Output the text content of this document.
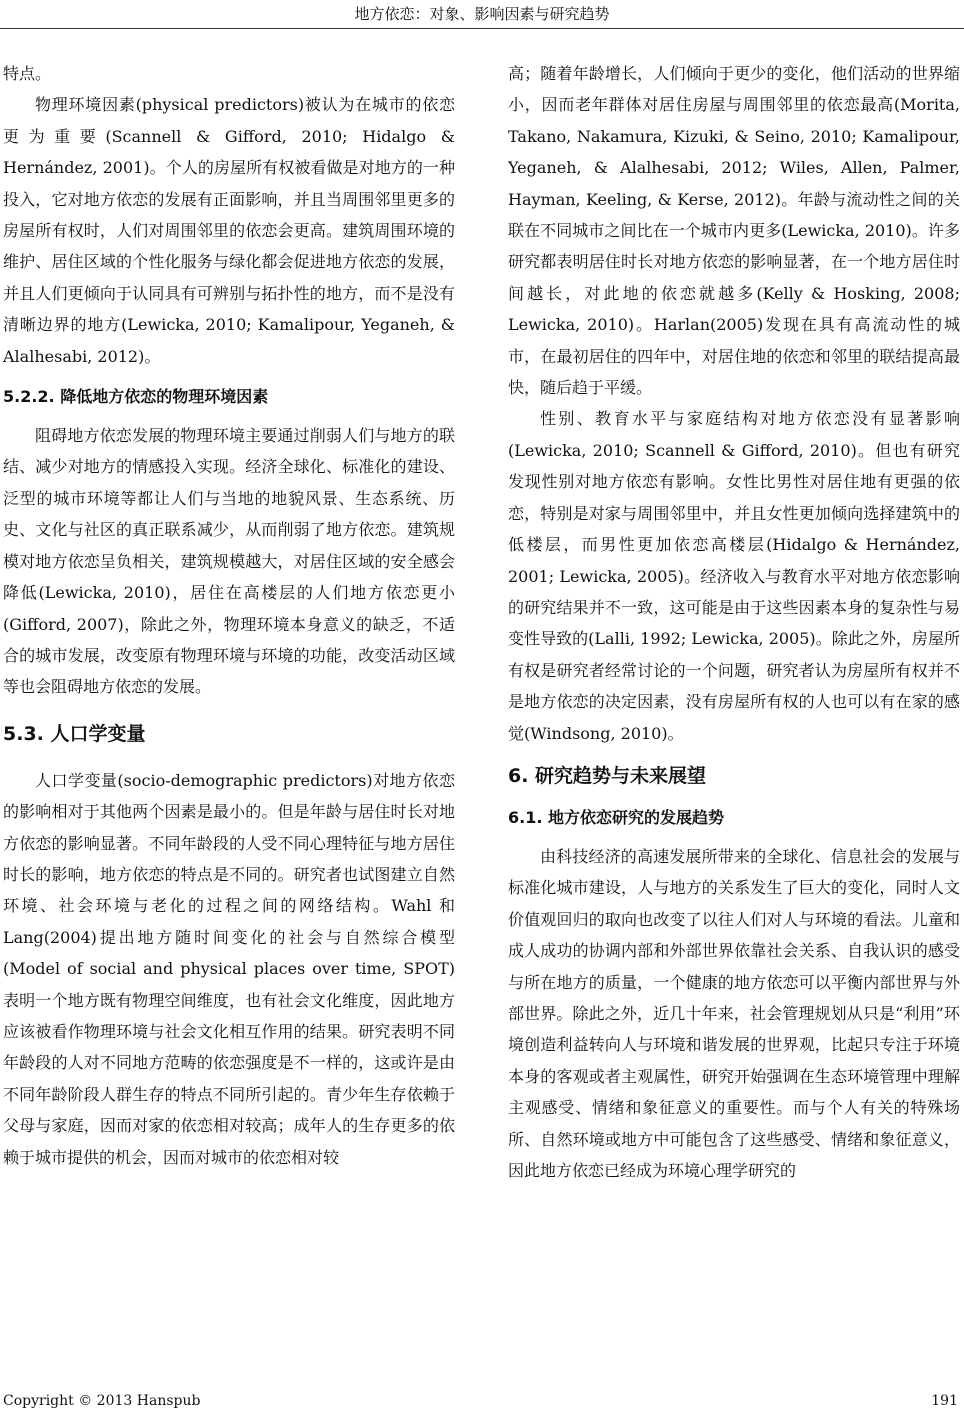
地方依恋：对象、影响因素与研究趋势

特点。

物理环境因素(physical predictors)被认为在城市的依恋更为重要(Scannell & Gifford, 2010; Hidalgo & Hernández, 2001)。个人的房屋所有权被看做是对地方的一种投入，它对地方依恋的发展有正面影响，并且当周围邻里更多的房屋所有权时，人们对周围邻里的依恋会更高。建筑周围环境的维护、居住区域的个性化服务与绿化都会促进地方依恋的发展，并且人们更倾向于认同具有可辨别与拓扑性的地方，而不是没有清晰边界的地方(Lewicka, 2010; Kamalipour, Yeganeh, & Alalhesabi, 2012)。

5.2.2. 降低地方依恋的物理环境因素

阻碍地方依恋发展的物理环境主要通过削弱人们与地方的联结、减少对地方的情感投入实现。经济全球化、标准化的建设、泛型的城市环境等都让人们与当地的地貌风景、生态系统、历史、文化与社区的真正联系减少，从而削弱了地方依恋。建筑规模对地方依恋呈负相关，建筑规模越大，对居住区域的安全感会降低(Lewicka, 2010)，居住在高楼层的人们地方依恋更小(Gifford, 2007)，除此之外，物理环境本身意义的缺乏，不适合的城市发展，改变原有物理环境与环境的功能，改变活动区域等也会阻碍地方依恋的发展。

5.3. 人口学变量

人口学变量(socio-demographic predictors)对地方依恋的影响相对于其他两个因素是最小的。但是年龄与居住时长对地方依恋的影响显著。不同年龄段的人受不同心理特征与地方居住时长的影响，地方依恋的特点是不同的。研究者也试图建立自然环境、社会环境与老化的过程之间的网络结构。Wahl 和 Lang(2004)提出地方随时间变化的社会与自然综合模型(Model of social and physical places over time, SPOT)表明一个地方既有物理空间维度，也有社会文化维度，因此地方应该被看作物理环境与社会文化相互作用的结果。研究表明不同年龄段的人对不同地方范畴的依恋强度是不一样的，这或许是由不同年龄阶段人群生存的特点不同所引起的。青少年生存依赖于父母与家庭，因而对家的依恋相对较高；成年人的生存更多的依赖于城市提供的机会，因而对城市的依恋相对较

高；随着年龄增长，人们倾向于更少的变化，他们活动的世界缩小，因而老年群体对居住房屋与周围邻里的依恋最高(Morita, Takano, Nakamura, Kizuki, & Seino, 2010; Kamalipour, Yeganeh, & Alalhesabi, 2012; Wiles, Allen, Palmer, Hayman, Keeling, & Kerse, 2012)。年龄与流动性之间的关联在不同城市之间比在一个城市内更多(Lewicka, 2010)。许多研究都表明居住时长对地方依恋的影响显著，在一个地方居住时间越长，对此地的依恋就越多(Kelly & Hosking, 2008; Lewicka, 2010)。Harlan(2005)发现在具有高流动性的城市，在最初居住的四年中，对居住地的依恋和邻里的联结提高最快，随后趋于平缓。

性别、教育水平与家庭结构对地方依恋没有显著影响(Lewicka, 2010; Scannell & Gifford, 2010)。但也有研究发现性别对地方依恋有影响。女性比男性对居住地有更强的依恋，特别是对家与周围邻里中，并且女性更加倾向选择建筑中的低楼层，而男性更加依恋高楼层(Hidalgo & Hernández, 2001; Lewicka, 2005)。经济收入与教育水平对地方依恋影响的研究结果并不一致，这可能是由于这些因素本身的复杂性与易变性导致的(Lalli, 1992; Lewicka, 2005)。除此之外，房屋所有权是研究者经常讨论的一个问题，研究者认为房屋所有权并不是地方依恋的决定因素，没有房屋所有权的人也可以有在家的感觉(Windsong, 2010)。

6. 研究趋势与未来展望
6.1. 地方依恋研究的发展趋势

由科技经济的高速发展所带来的全球化、信息社会的发展与标准化城市建设，人与地方的关系发生了巨大的变化，同时人文价值观回归的取向也改变了以往人们对人与环境的看法。儿童和成人成功的协调内部和外部世界依靠社会关系、自我认识的感受与所在地方的质量，一个健康的地方依恋可以平衡内部世界与外部世界。除此之外，近几十年来，社会管理规划从只是“利用”环境创造利益转向人与环境和谐发展的世界观，比起只专注于环境本身的客观或者主观属性，研究开始强调在生态环境管理中理解主观感受、情绪和象征意义的重要性。而与个人有关的特殊场所、自然环境或地方中可能包含了这些感受、情绪和象征意义，因此地方依恋已经成为环境心理学研究的

Copyright © 2013 Hanspub	191
